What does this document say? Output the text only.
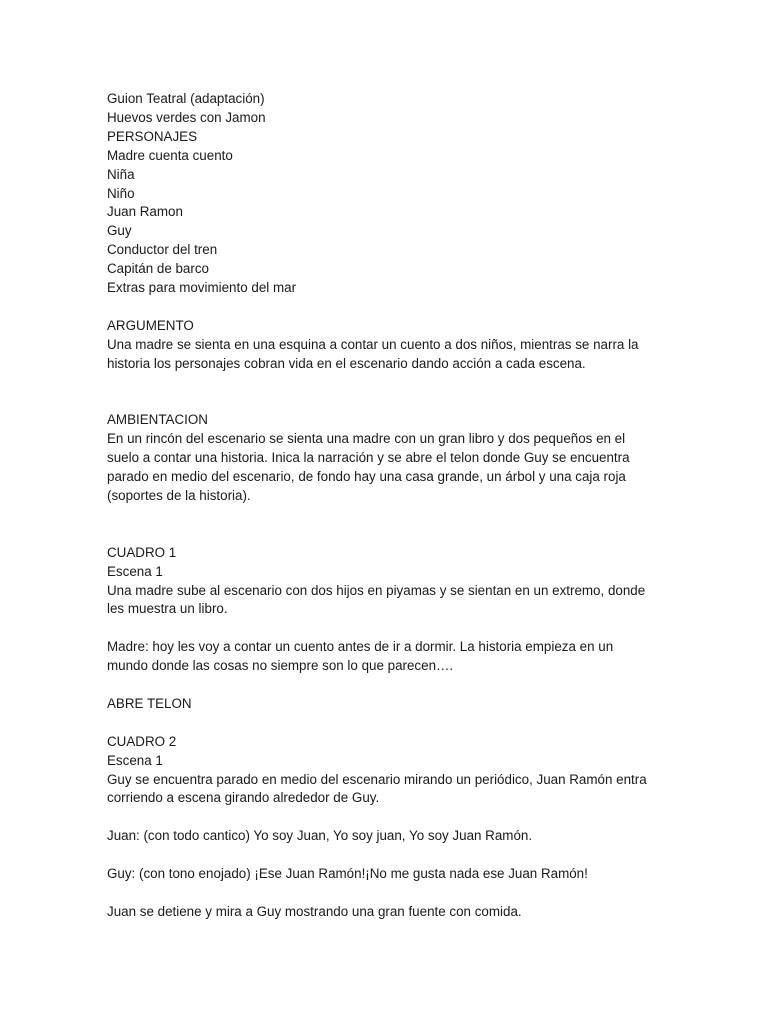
Guion Teatral (adaptación)

Huevos verdes con Jamon

PERSONAJES

Madre cuenta cuento

Niña

Niño

Juan Ramon

Guy

Conductor del tren

Capitán de barco

Extras para movimiento del mar

ARGUMENTO

Una madre se sienta en una esquina a contar un cuento a dos niños, mientras se narra la

historia los personajes cobran vida en el escenario dando acción a cada escena.

AMBIENTACION

En un rincón del escenario se sienta una madre con un gran libro y dos pequeños en el

suelo a contar una historia. Inica la narración y se abre el telon donde Guy se encuentra

parado en medio del escenario, de fondo hay una casa grande, un árbol y una caja roja

(soportes de la historia).

CUADRO 1

Escena 1

Una madre sube al escenario con dos hijos en piyamas y se sientan en un extremo, donde

les muestra un libro.

Madre: hoy les voy a contar un cuento antes de ir a dormir. La historia empieza en un

mundo donde las cosas no siempre son lo que parecen….

ABRE TELON

CUADRO 2

Escena 1

Guy se encuentra parado en medio del escenario mirando un periódico, Juan Ramón entra

corriendo a escena girando alrededor de Guy.

Juan: (con todo cantico) Yo soy Juan, Yo soy juan, Yo soy Juan Ramón.

Guy: (con tono enojado) ¡Ese Juan Ramón!¡No me gusta nada ese Juan Ramón!

Juan se detiene y mira a Guy mostrando una gran fuente con comida.
